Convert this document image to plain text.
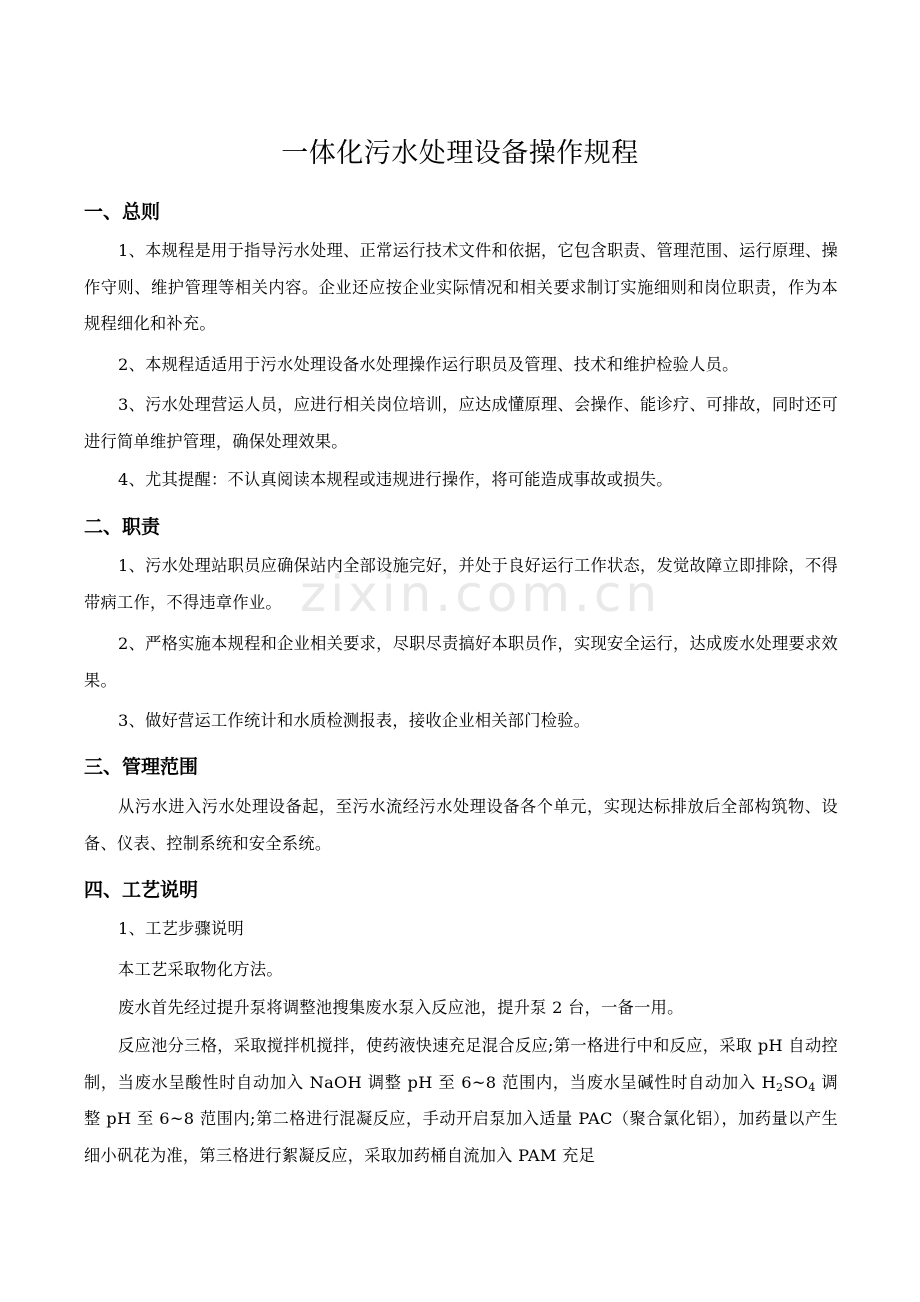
zixin.com.cn
一体化污水处理设备操作规程
一、总则
1、本规程是用于指导污水处理、正常运行技术文件和依据，它包含职责、管理范围、运行原理、操作守则、维护管理等相关内容。企业还应按企业实际情况和相关要求制订实施细则和岗位职责，作为本规程细化和补充。
2、本规程适适用于污水处理设备水处理操作运行职员及管理、技术和维护检验人员。
3、污水处理营运人员，应进行相关岗位培训，应达成懂原理、会操作、能诊疗、可排故，同时还可进行简单维护管理，确保处理效果。
4、尤其提醒：不认真阅读本规程或违规进行操作，将可能造成事故或损失。
二、职责
1、污水处理站职员应确保站内全部设施完好，并处于良好运行工作状态，发觉故障立即排除，不得带病工作，不得违章作业。
2、严格实施本规程和企业相关要求，尽职尽责搞好本职员作，实现安全运行，达成废水处理要求效果。
3、做好营运工作统计和水质检测报表，接收企业相关部门检验。
三、管理范围
从污水进入污水处理设备起，至污水流经污水处理设备各个单元，实现达标排放后全部构筑物、设备、仪表、控制系统和安全系统。
四、工艺说明
1、工艺步骤说明
本工艺采取物化方法。
废水首先经过提升泵将调整池搜集废水泵入反应池，提升泵 2 台，一备一用。
反应池分三格，采取搅拌机搅拌，使药液快速充足混合反应;第一格进行中和反应，采取 pH 自动控制，当废水呈酸性时自动加入 NaOH 调整 pH 至 6~8 范围内，当废水呈碱性时自动加入 $H_2SO_4$ 调整 pH 至 6~8 范围内;第二格进行混凝反应，手动开启泵加入适量 PAC（聚合氯化铝），加药量以产生细小矾花为准，第三格进行絮凝反应，采取加药桶自流加入 PAM 充足
